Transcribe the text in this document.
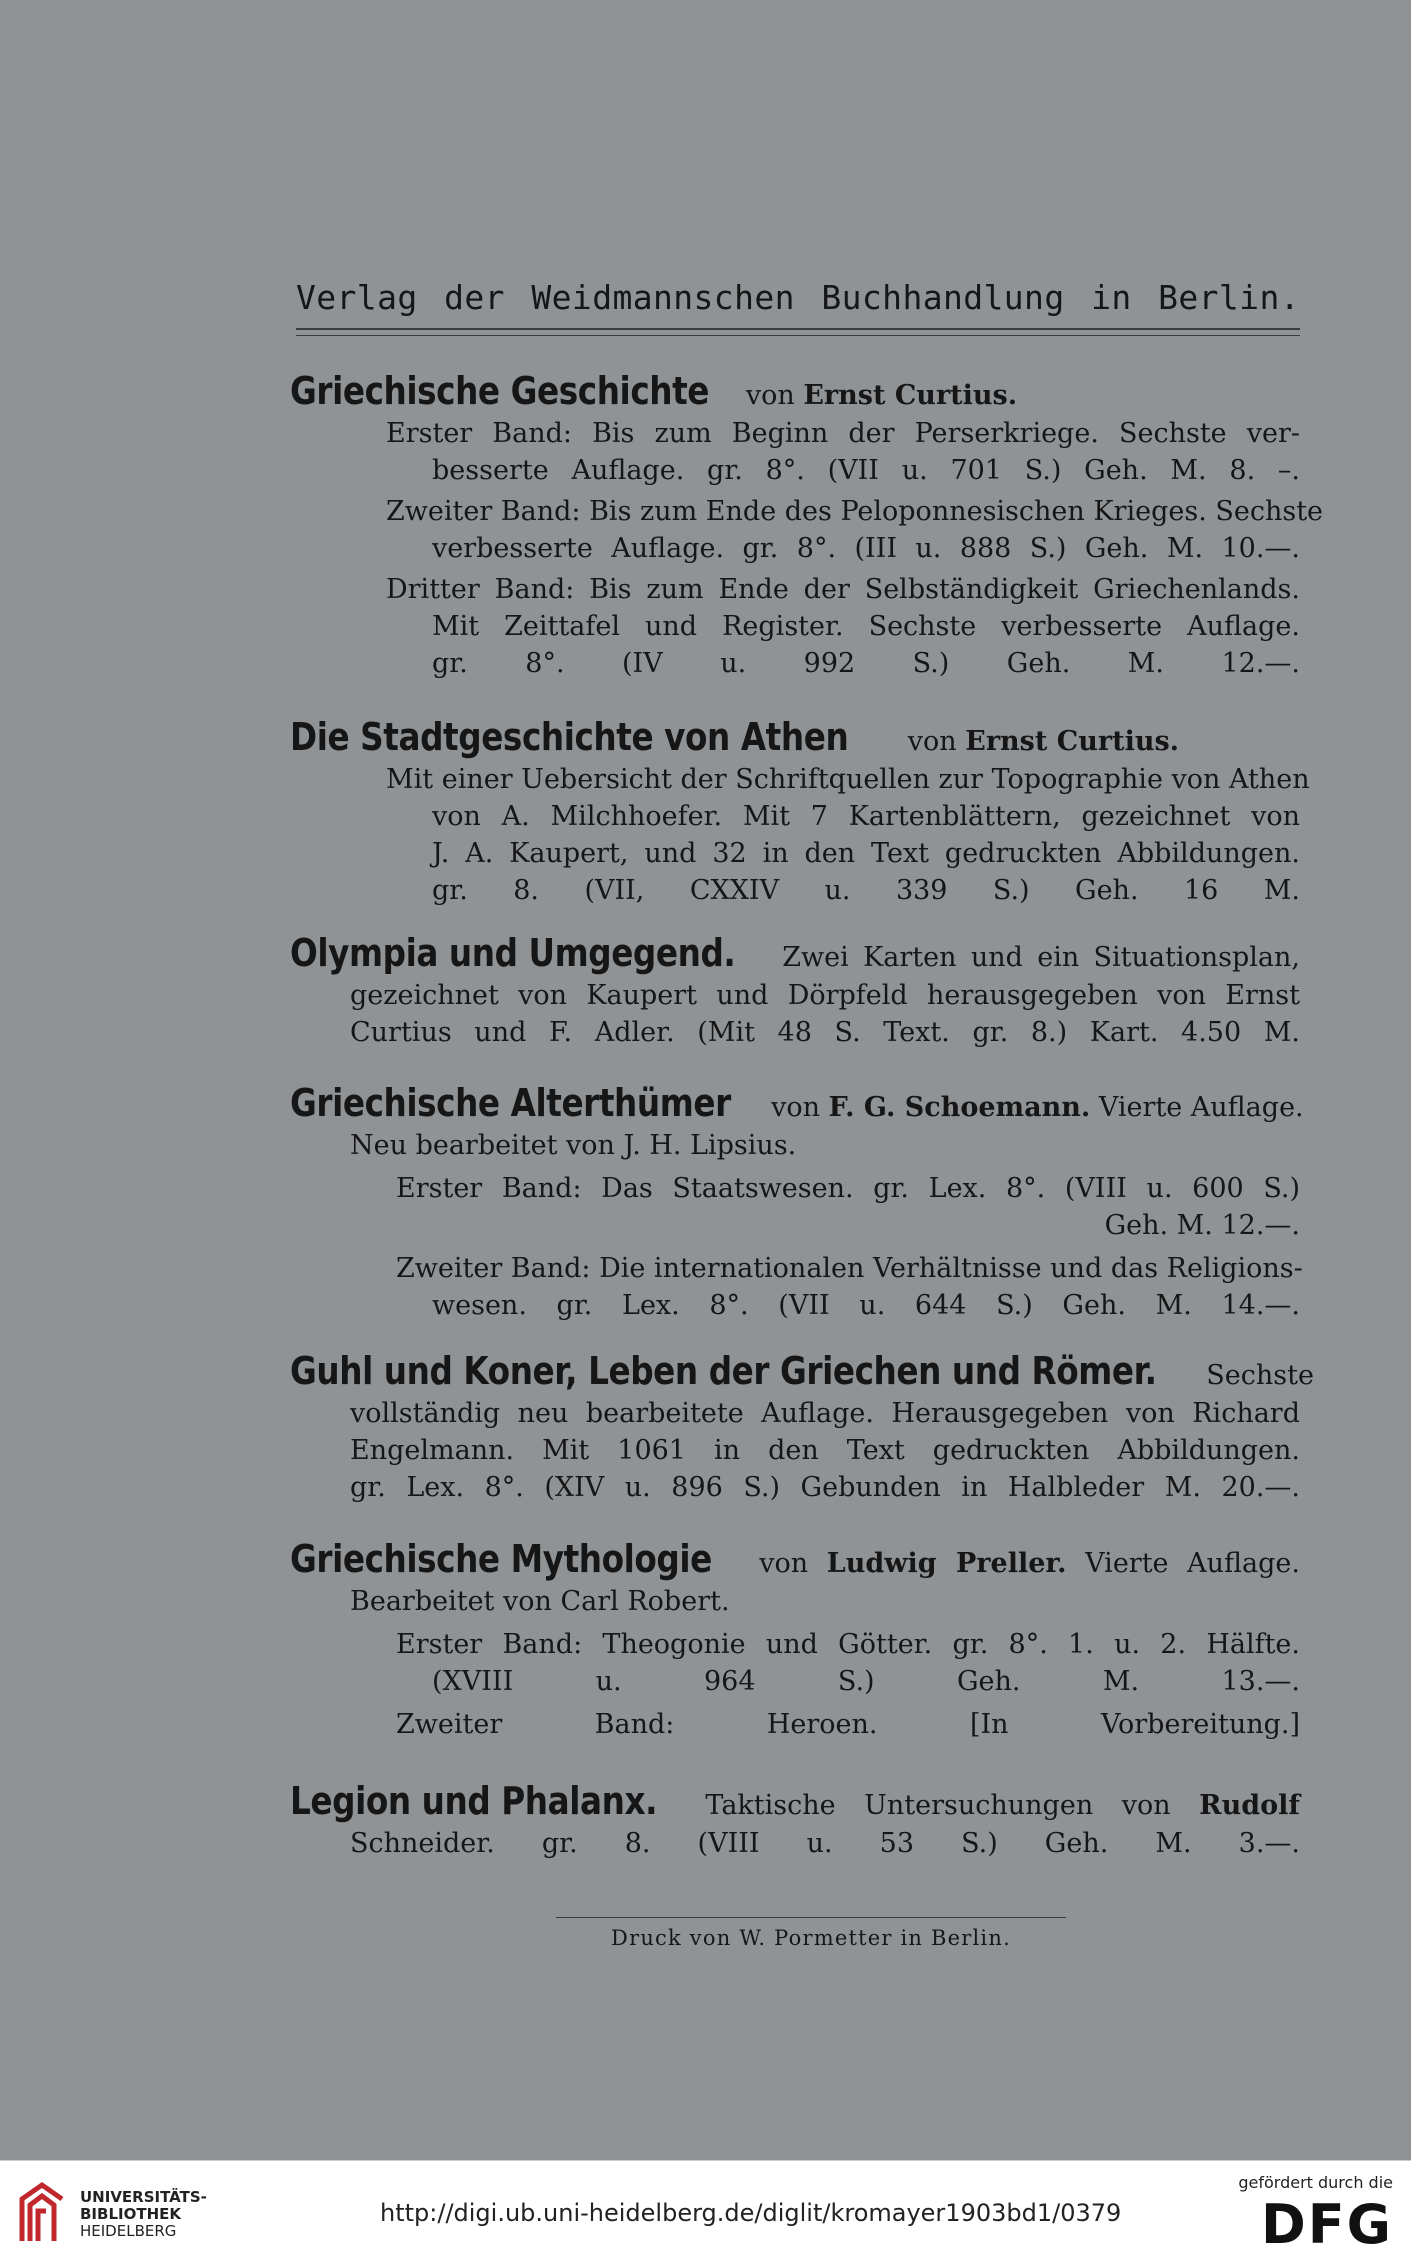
Verlag der Weidmannschen Buchhandlung in Berlin.
Griechische Geschichte von Ernst Curtius.
Erster Band: Bis zum Beginn der Perserkriege. Sechste ver-
besserte Auflage. gr. 8°. (VII u. 701 S.) Geh. M. 8. –.
Zweiter Band: Bis zum Ende des Peloponnesischen Krieges. Sechste
verbesserte Auflage. gr. 8°. (III u. 888 S.) Geh. M. 10.—.
Dritter Band: Bis zum Ende der Selbständigkeit Griechenlands.
Mit Zeittafel und Register. Sechste verbesserte Auflage.
gr. 8°. (IV u. 992 S.) Geh. M. 12.—.
Die Stadtgeschichte von Athen von Ernst Curtius.
Mit einer Uebersicht der Schriftquellen zur Topographie von Athen
von A. Milchhoefer. Mit 7 Kartenblättern, gezeichnet von
J. A. Kaupert, und 32 in den Text gedruckten Abbildungen.
gr. 8. (VII, CXXIV u. 339 S.) Geh. 16 M.
Olympia und Umgegend. Zwei Karten und ein Situationsplan,
gezeichnet von Kaupert und Dörpfeld herausgegeben von Ernst
Curtius und F. Adler. (Mit 48 S. Text. gr. 8.) Kart. 4.50 M.
Griechische Alterthümer von F. G. Schoemann. Vierte Auflage.
Neu bearbeitet von J. H. Lipsius.
Erster Band: Das Staatswesen. gr. Lex. 8°. (VIII u. 600 S.)
Geh. M. 12.—.
Zweiter Band: Die internationalen Verhältnisse und das Religions-
wesen. gr. Lex. 8°. (VII u. 644 S.) Geh. M. 14.—.
Guhl und Koner, Leben der Griechen und Römer. Sechste
vollständig neu bearbeitete Auflage. Herausgegeben von Richard
Engelmann. Mit 1061 in den Text gedruckten Abbildungen.
gr. Lex. 8°. (XIV u. 896 S.) Gebunden in Halbleder M. 20.—.
Griechische Mythologie von Ludwig Preller. Vierte Auflage.
Bearbeitet von Carl Robert.
Erster Band: Theogonie und Götter. gr. 8°. 1. u. 2. Hälfte.
(XVIII u. 964 S.) Geh. M. 13.—.
Zweiter Band: Heroen. [In Vorbereitung.]
Legion und Phalanx. Taktische Untersuchungen von Rudolf
Schneider. gr. 8. (VIII u. 53 S.) Geh. M. 3.—.
Druck von W. Pormetter in Berlin.
UNIVERSITÄTS-
BIBLIOTHEK
HEIDELBERG
http://digi.ub.uni-heidelberg.de/diglit/kromayer1903bd1/0379
gefördert durch die
DFG
